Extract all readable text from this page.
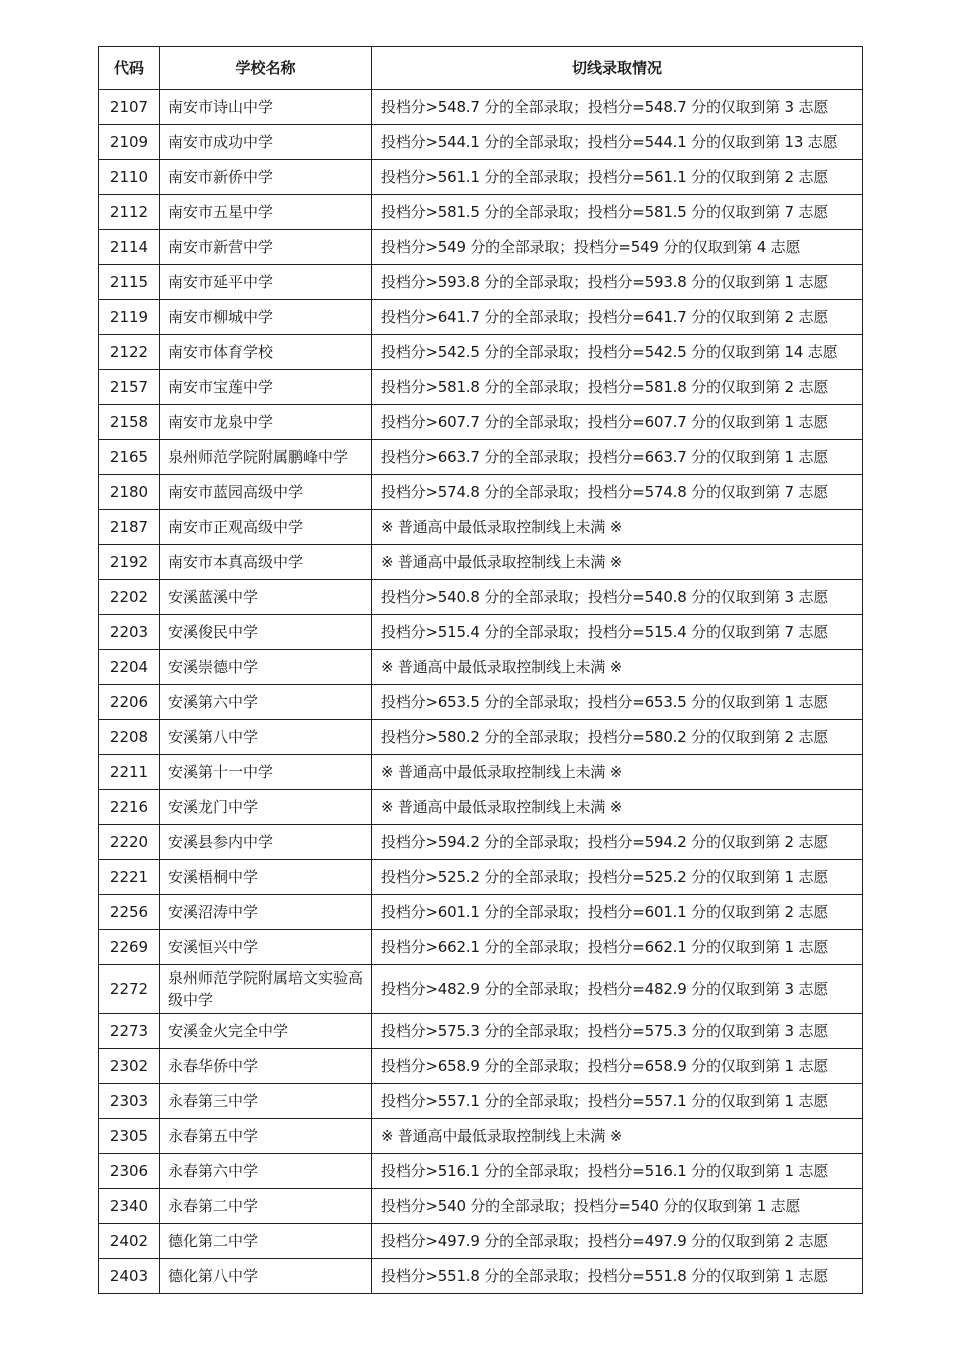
代码	学校名称	切线录取情况
2107	南安市诗山中学	投档分>548.7 分的全部录取；投档分=548.7 分的仅取到第 3 志愿
2109	南安市成功中学	投档分>544.1 分的全部录取；投档分=544.1 分的仅取到第 13 志愿
2110	南安市新侨中学	投档分>561.1 分的全部录取；投档分=561.1 分的仅取到第 2 志愿
2112	南安市五星中学	投档分>581.5 分的全部录取；投档分=581.5 分的仅取到第 7 志愿
2114	南安市新营中学	投档分>549 分的全部录取；投档分=549 分的仅取到第 4 志愿
2115	南安市延平中学	投档分>593.8 分的全部录取；投档分=593.8 分的仅取到第 1 志愿
2119	南安市柳城中学	投档分>641.7 分的全部录取；投档分=641.7 分的仅取到第 2 志愿
2122	南安市体育学校	投档分>542.5 分的全部录取；投档分=542.5 分的仅取到第 14 志愿
2157	南安市宝莲中学	投档分>581.8 分的全部录取；投档分=581.8 分的仅取到第 2 志愿
2158	南安市龙泉中学	投档分>607.7 分的全部录取；投档分=607.7 分的仅取到第 1 志愿
2165	泉州师范学院附属鹏峰中学	投档分>663.7 分的全部录取；投档分=663.7 分的仅取到第 1 志愿
2180	南安市蓝园高级中学	投档分>574.8 分的全部录取；投档分=574.8 分的仅取到第 7 志愿
2187	南安市正观高级中学	※ 普通高中最低录取控制线上未满 ※
2192	南安市本真高级中学	※ 普通高中最低录取控制线上未满 ※
2202	安溪蓝溪中学	投档分>540.8 分的全部录取；投档分=540.8 分的仅取到第 3 志愿
2203	安溪俊民中学	投档分>515.4 分的全部录取；投档分=515.4 分的仅取到第 7 志愿
2204	安溪崇德中学	※ 普通高中最低录取控制线上未满 ※
2206	安溪第六中学	投档分>653.5 分的全部录取；投档分=653.5 分的仅取到第 1 志愿
2208	安溪第八中学	投档分>580.2 分的全部录取；投档分=580.2 分的仅取到第 2 志愿
2211	安溪第十一中学	※ 普通高中最低录取控制线上未满 ※
2216	安溪龙门中学	※ 普通高中最低录取控制线上未满 ※
2220	安溪县参内中学	投档分>594.2 分的全部录取；投档分=594.2 分的仅取到第 2 志愿
2221	安溪梧桐中学	投档分>525.2 分的全部录取；投档分=525.2 分的仅取到第 1 志愿
2256	安溪沼涛中学	投档分>601.1 分的全部录取；投档分=601.1 分的仅取到第 2 志愿
2269	安溪恒兴中学	投档分>662.1 分的全部录取；投档分=662.1 分的仅取到第 1 志愿
2272	泉州师范学院附属培文实验高级中学	投档分>482.9 分的全部录取；投档分=482.9 分的仅取到第 3 志愿
2273	安溪金火完全中学	投档分>575.3 分的全部录取；投档分=575.3 分的仅取到第 3 志愿
2302	永春华侨中学	投档分>658.9 分的全部录取；投档分=658.9 分的仅取到第 1 志愿
2303	永春第三中学	投档分>557.1 分的全部录取；投档分=557.1 分的仅取到第 1 志愿
2305	永春第五中学	※ 普通高中最低录取控制线上未满 ※
2306	永春第六中学	投档分>516.1 分的全部录取；投档分=516.1 分的仅取到第 1 志愿
2340	永春第二中学	投档分>540 分的全部录取；投档分=540 分的仅取到第 1 志愿
2402	德化第二中学	投档分>497.9 分的全部录取；投档分=497.9 分的仅取到第 2 志愿
2403	德化第八中学	投档分>551.8 分的全部录取；投档分=551.8 分的仅取到第 1 志愿
